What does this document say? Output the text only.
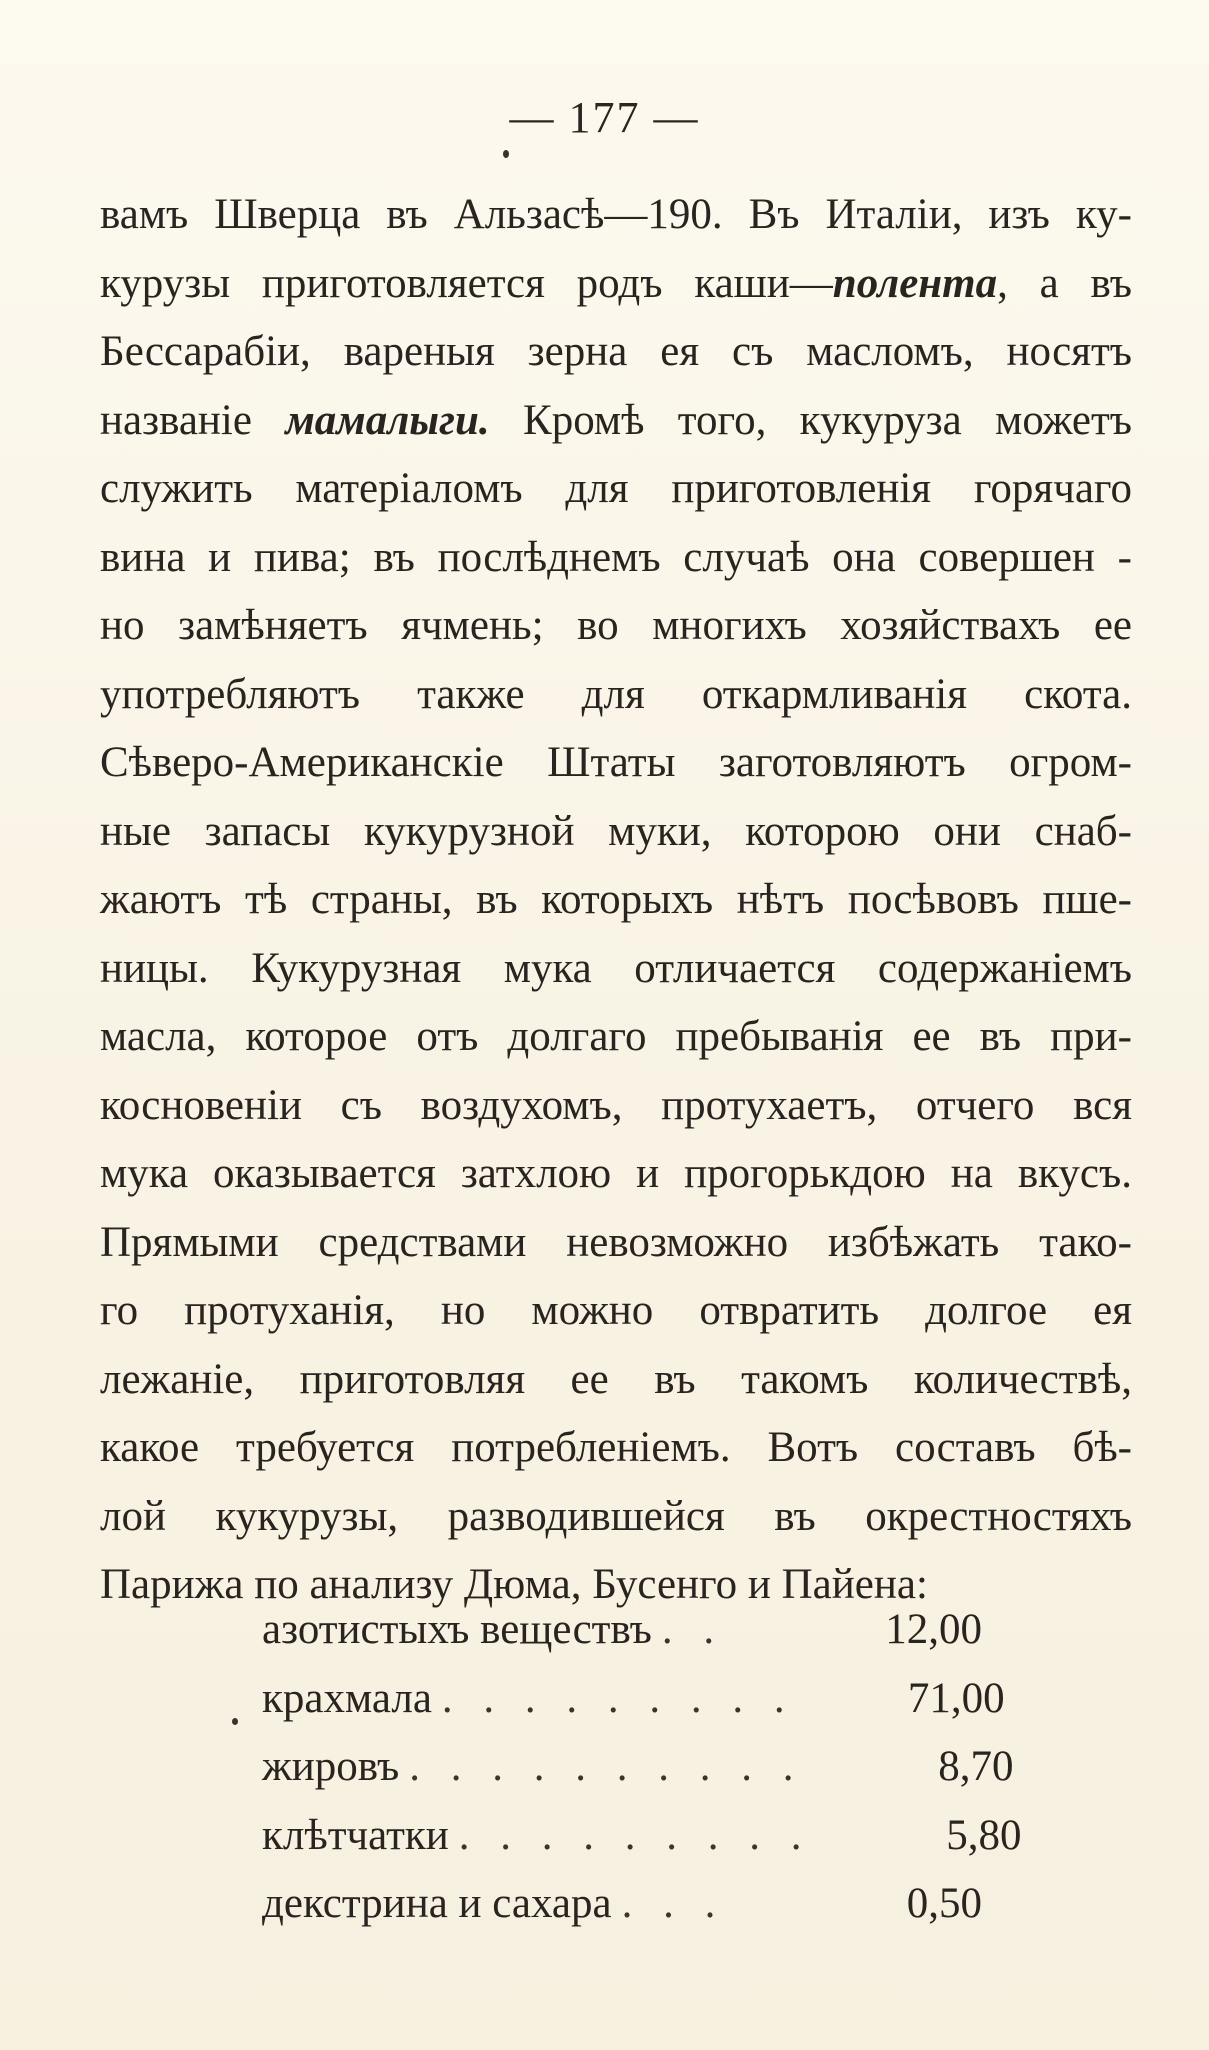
— 177 —
вамъ Шверца въ Альзасѣ—190. Въ Италіи, изъ ку-
курузы приготовляется родъ каши—полента, а въ
Бессарабіи, вареныя зерна ея съ масломъ, носятъ
названіе мамалыги. Кромѣ того, кукуруза можетъ
служить матеріаломъ для приготовленія горячаго
вина и пива; въ послѣднемъ случаѣ она совершен -
но замѣняетъ ячмень; во многихъ хозяйствахъ ее
употребляютъ также для откармливанія скота.
Сѣверо-Американскіе Штаты заготовляютъ огром-
ные запасы кукурузной муки, которою они снаб-
жаютъ тѣ страны, въ которыхъ нѣтъ посѣвовъ пше-
ницы. Кукурузная мука отличается содержаніемъ
масла, которое отъ долгаго пребыванія ее въ при-
косновеніи съ воздухомъ, протухаетъ, отчего вся
мука оказывается затхлою и прогорькдою на вкусъ.
Прямыми средствами невозможно избѣжать тако-
го протуханія, но можно отвратить долгое ея
лежаніе, приготовляя ее въ такомъ количествѣ,
какое требуется потребленіемъ. Вотъ составъ бѣ-
лой кукурузы, разводившейся въ окрестностяхъ
Парижа по анализу Дюма, Бусенго и Пайена:
азотистыхъ веществъ . .	12,00
крахмала . . . . . . . . .	71,00
жировъ . . . . . . . . . .	8,70
клѣтчатки . . . . . . . . .	5,80
декстрина и сахара . . .	0,50
